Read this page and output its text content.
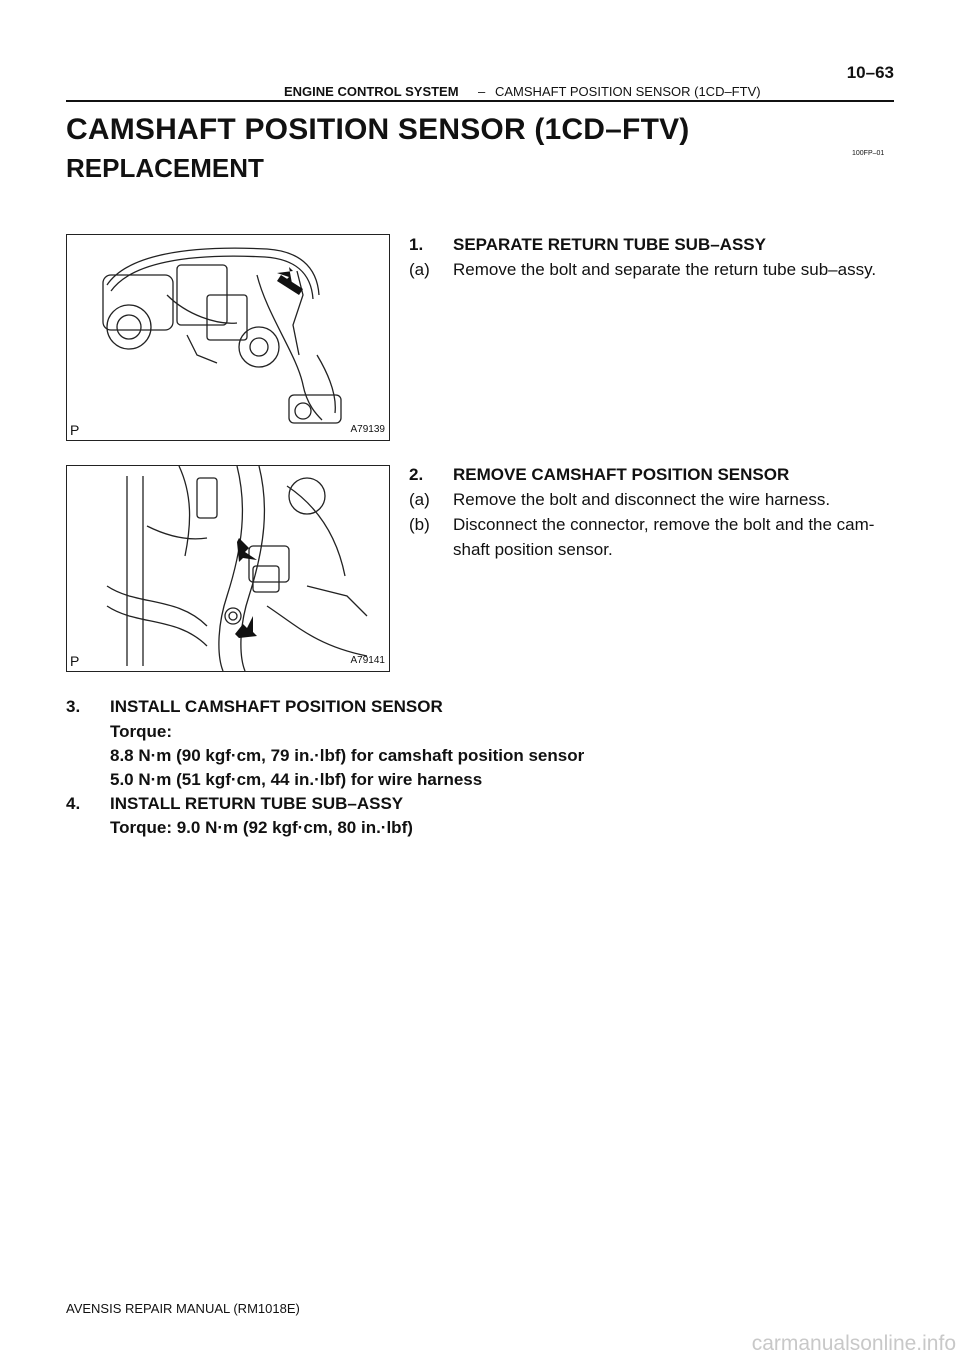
ENGINE CONTROL SYSTEM – CAMSHAFT POSITION SENSOR (1CD–FTV)
10–63
CAMSHAFT POSITION SENSOR (1CD–FTV)
REPLACEMENT	100FP–01
P	A79139
P	A79141
1. SEPARATE RETURN TUBE SUB–ASSY
(a) Remove the bolt and separate the return tube sub–assy.
2. REMOVE CAMSHAFT POSITION SENSOR
(a) Remove the bolt and disconnect the wire harness.
(b) Disconnect the connector, remove the bolt and the cam-
shaft position sensor.
3. INSTALL CAMSHAFT POSITION SENSOR
Torque:
8.8 N·m (90 kgf·cm, 79 in.·lbf) for camshaft position sensor
5.0 N·m (51 kgf·cm, 44 in.·lbf) for wire harness
4. INSTALL RETURN TUBE SUB–ASSY
Torque: 9.0 N·m (92 kgf·cm, 80 in.·lbf)
AVENSIS REPAIR MANUAL (RM1018E)
carmanualsonline.info
